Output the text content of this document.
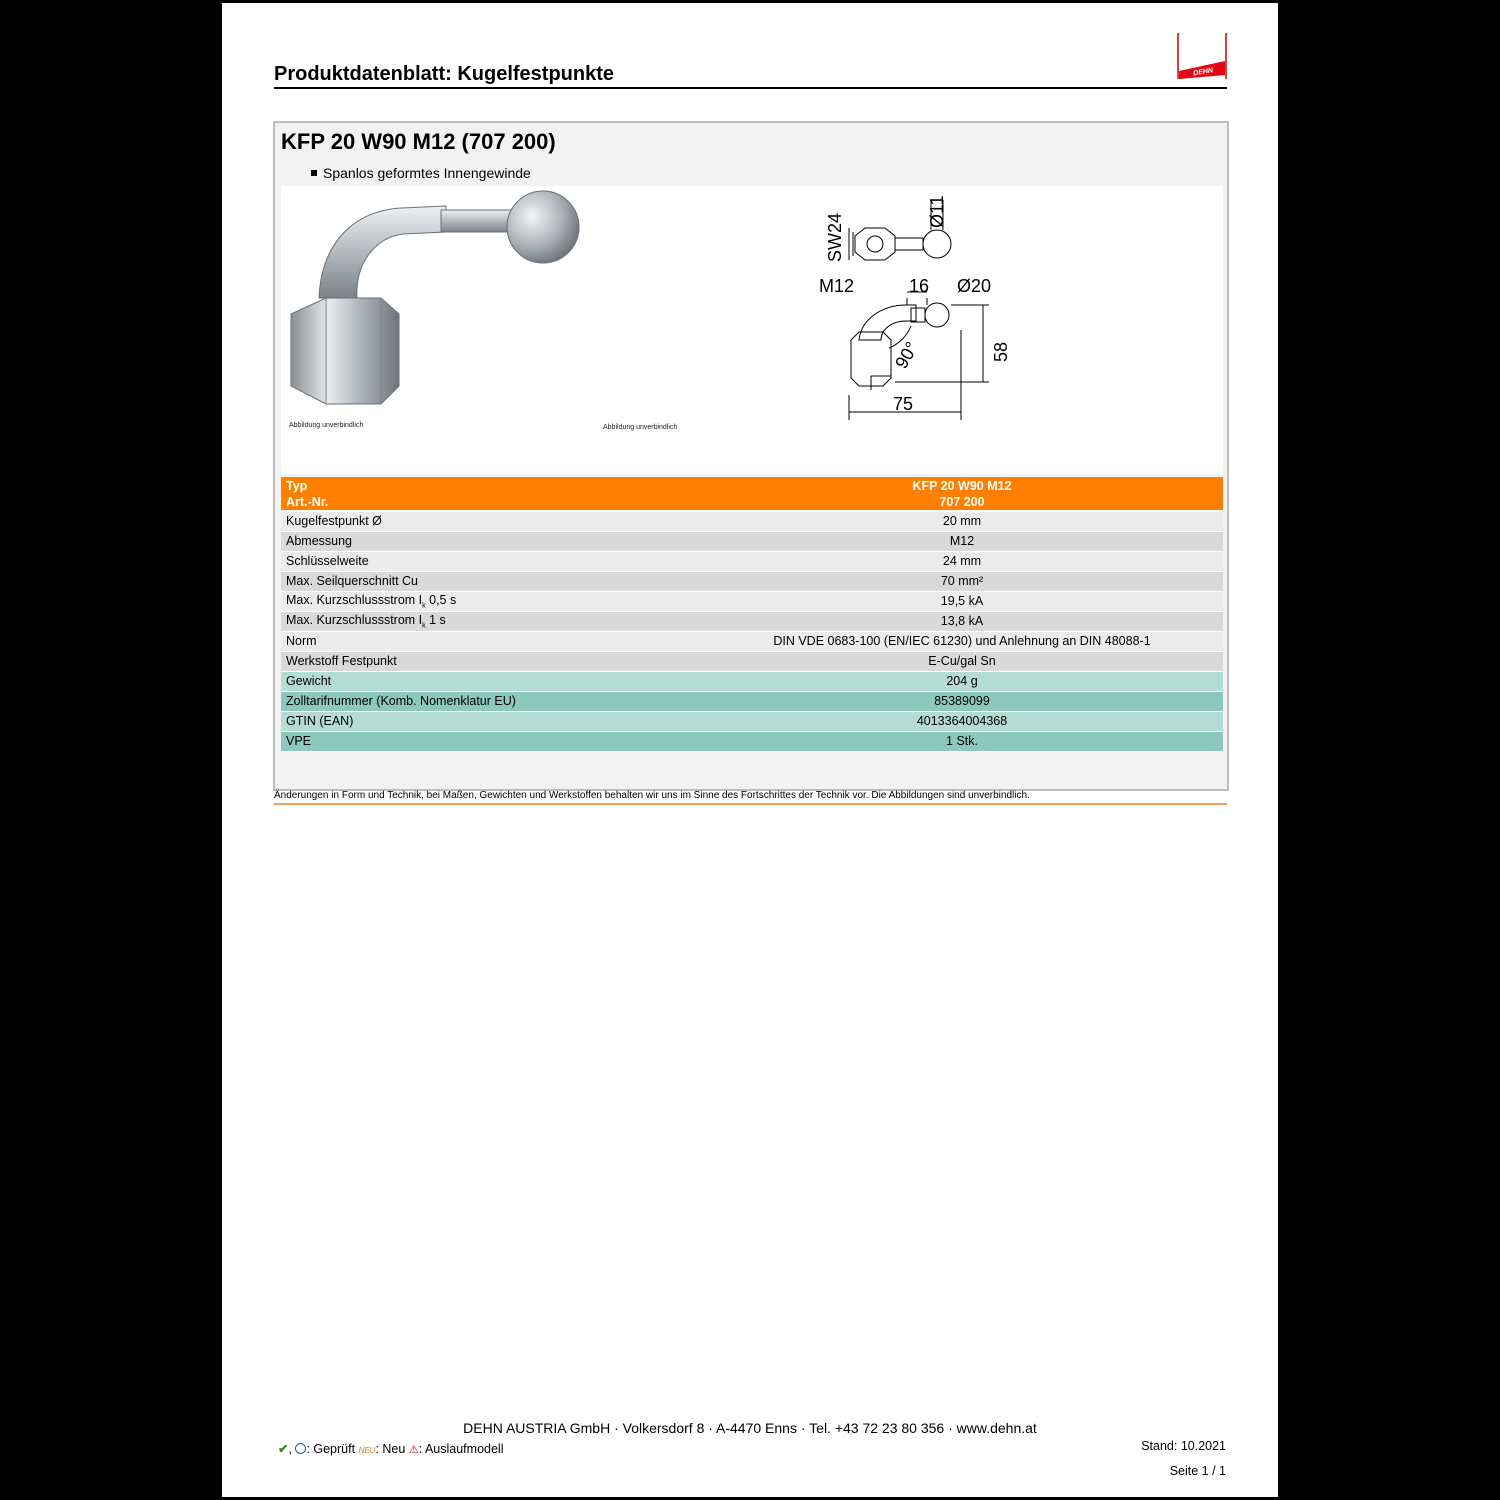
Produktdatenblatt: Kugelfestpunkte	DEHN
KFP 20 W90 M12 (707 200)
Spanlos geformtes Innengewinde
Abbildung unverbindlich
SW24
Ø11
M12	16 Ø20
90°	58
75
Abbildung unverbindlich
Typ	KFP 20 W90 M12
Art.-Nr.	707 200
Kugelfestpunkt Ø	20 mm
Abmessung	M12
Schlüsselweite	24 mm
Max. Seilquerschnitt Cu	70 mm²
Max. Kurzschlussstrom $I_k$ 0,5 s	19,5 kA
Max. Kurzschlussstrom $I_k$ 1 s	13,8 kA
Norm	DIN VDE 0683-100 (EN/IEC 61230) und Anlehnung an DIN 48088-1
Werkstoff Festpunkt	E-Cu/gal Sn
Gewicht	204 g
Zolltarifnummer (Komb. Nomenklatur EU)	85389099
GTIN (EAN)	4013364004368
VPE	1 Stk.
Änderungen in Form und Technik, bei Maßen, Gewichten und Werkstoffen behalten wir uns im Sinne des Fortschrittes der Technik vor. Die Abbildungen sind unverbindlich.
DEHN AUSTRIA GmbH · Volkersdorf 8 · A-4470 Enns · Tel. +43 72 23 80 356 · www.dehn.at
✔, : Geprüft NEU: Neu ⚠: Auslaufmodell	Stand: 10.2021
Seite 1 / 1
